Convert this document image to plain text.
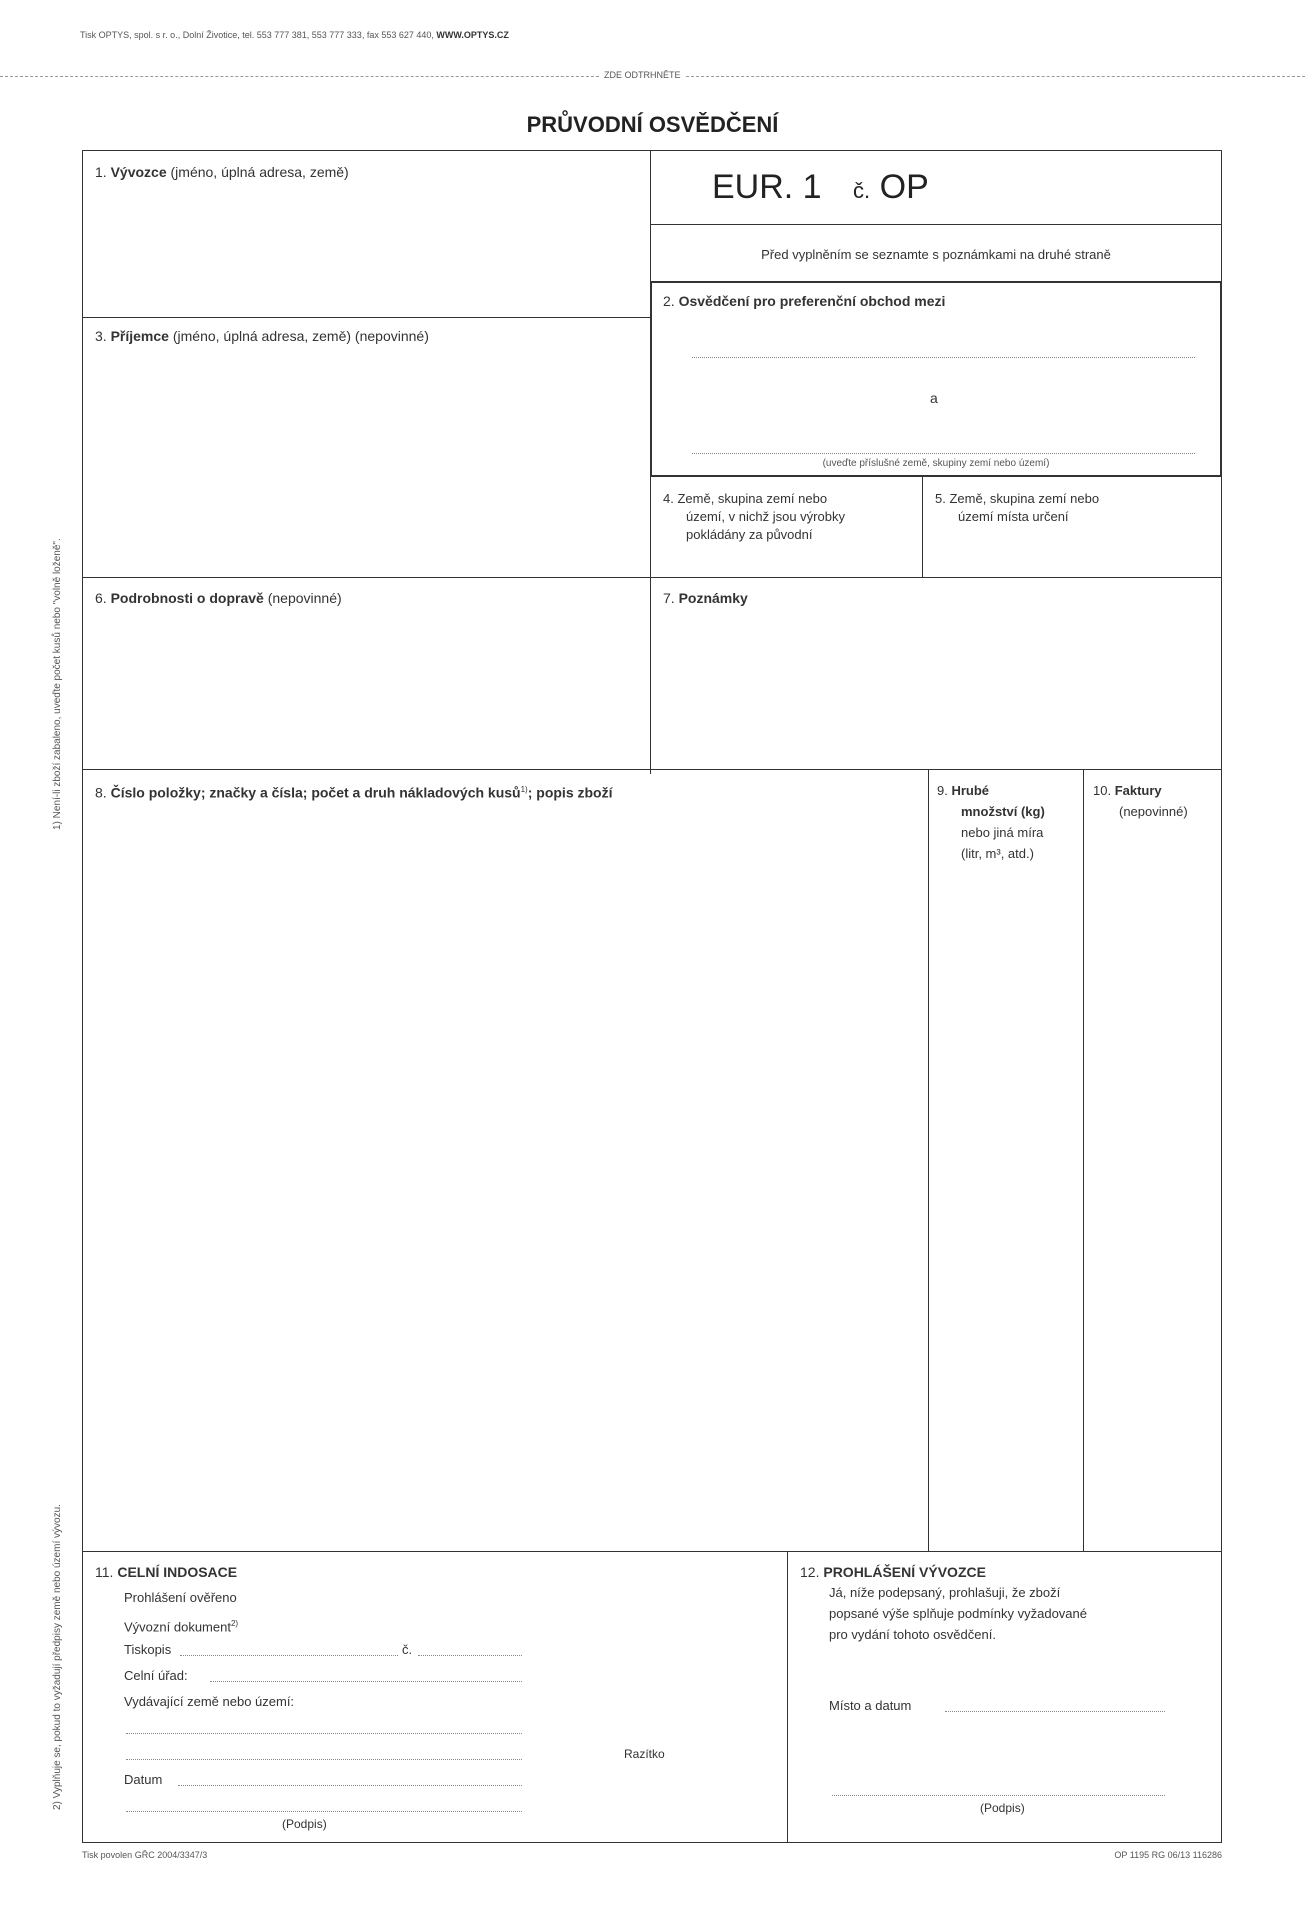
Tisk OPTYS, spol. s r. o., Dolní Životice, tel. 553 777 381, 553 777 333, fax 553 627 440, WWW.OPTYS.CZ
ZDE ODTRHNĚTE
PRŮVODNÍ OSVĚDČENÍ
1. Vývozce (jméno, úplná adresa, země)	EUR. 1 č. OP
Před vyplněním se seznamte s poznámkami na druhé straně
2. Osvědčení pro preferenční obchod mezi
a
(uveďte příslušné země, skupiny zemí nebo území)
3. Příjemce (jméno, úplná adresa, země) (nepovinné)
4. Země, skupina zemí nebo
území, v nichž jsou výrobky
pokládány za původní
5. Země, skupina zemí nebo
území místa určení
6. Podrobnosti o dopravě (nepovinné)	7. Poznámky
8. Číslo položky; značky a čísla; počet a druh nákladových kusů$^{1)}$; popis zboží	9. Hrubé
množství (kg)
nebo jiná míra
(litr, m³, atd.)
10. Faktury
(nepovinné)
11. CELNÍ INDOSACE
Prohlášení ověřeno
Vývozní dokument$^{2)}$
Tiskopis	č.
Celní úřad:
Vydávající země nebo území:
Datum
Razítko
(Podpis)
12. PROHLÁŠENÍ VÝVOZCE
Já, níže podepsaný, prohlašuji, že zboží
popsané výše splňuje podmínky vyžadované
pro vydání tohoto osvědčení.
Místo a datum
(Podpis)
1) Není-li zboží zabaleno, uveďte počet kusů nebo "volně loženě".
2) Vyplňuje se, pokud to vyžadují předpisy země nebo území vývozu.
Tisk povolen GŘC 2004/3347/3	OP 1195 RG 06/13 116286
